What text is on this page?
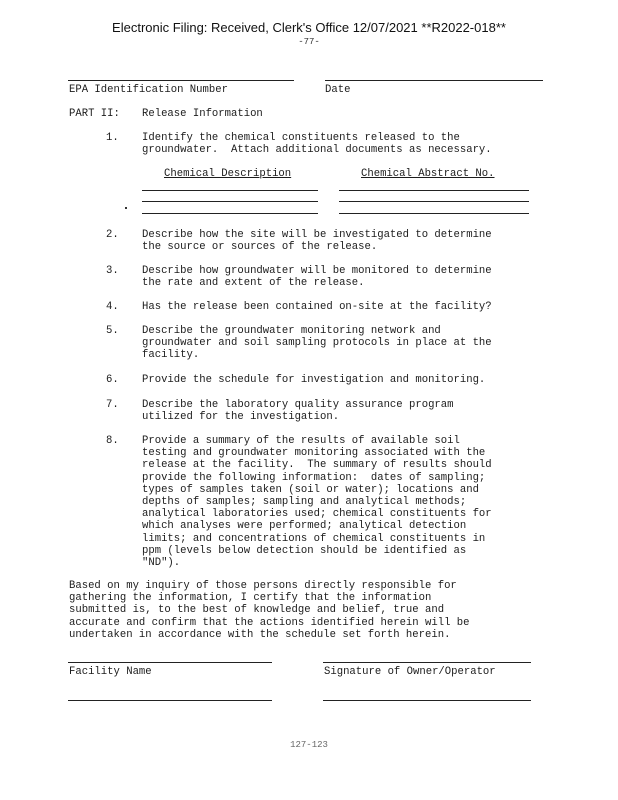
Electronic Filing: Received, Clerk's Office 12/07/2021 **R2022-018**
-77-
EPA Identification Number	Date
PART II: Release Information
1. Identify the chemical constituents released to the
groundwater.  Attach additional documents as necessary.
Chemical Description	Chemical Abstract No.
2. Describe how the site will be investigated to determine
the source or sources of the release.
3. Describe how groundwater will be monitored to determine
the rate and extent of the release.
4. Has the release been contained on-site at the facility?
5. Describe the groundwater monitoring network and
groundwater and soil sampling protocols in place at the
facility.
6. Provide the schedule for investigation and monitoring.
7. Describe the laboratory quality assurance program
utilized for the investigation.
8. Provide a summary of the results of available soil
testing and groundwater monitoring associated with the
release at the facility.  The summary of results should
provide the following information:  dates of sampling;
types of samples taken (soil or water); locations and
depths of samples; sampling and analytical methods;
analytical laboratories used; chemical constituents for
which analyses were performed; analytical detection
limits; and concentrations of chemical constituents in
ppm (levels below detection should be identified as
"ND").
Based on my inquiry of those persons directly responsible for
gathering the information, I certify that the information
submitted is, to the best of knowledge and belief, true and
accurate and confirm that the actions identified herein will be
undertaken in accordance with the schedule set forth herein.
Facility Name	Signature of Owner/Operator
127-123
